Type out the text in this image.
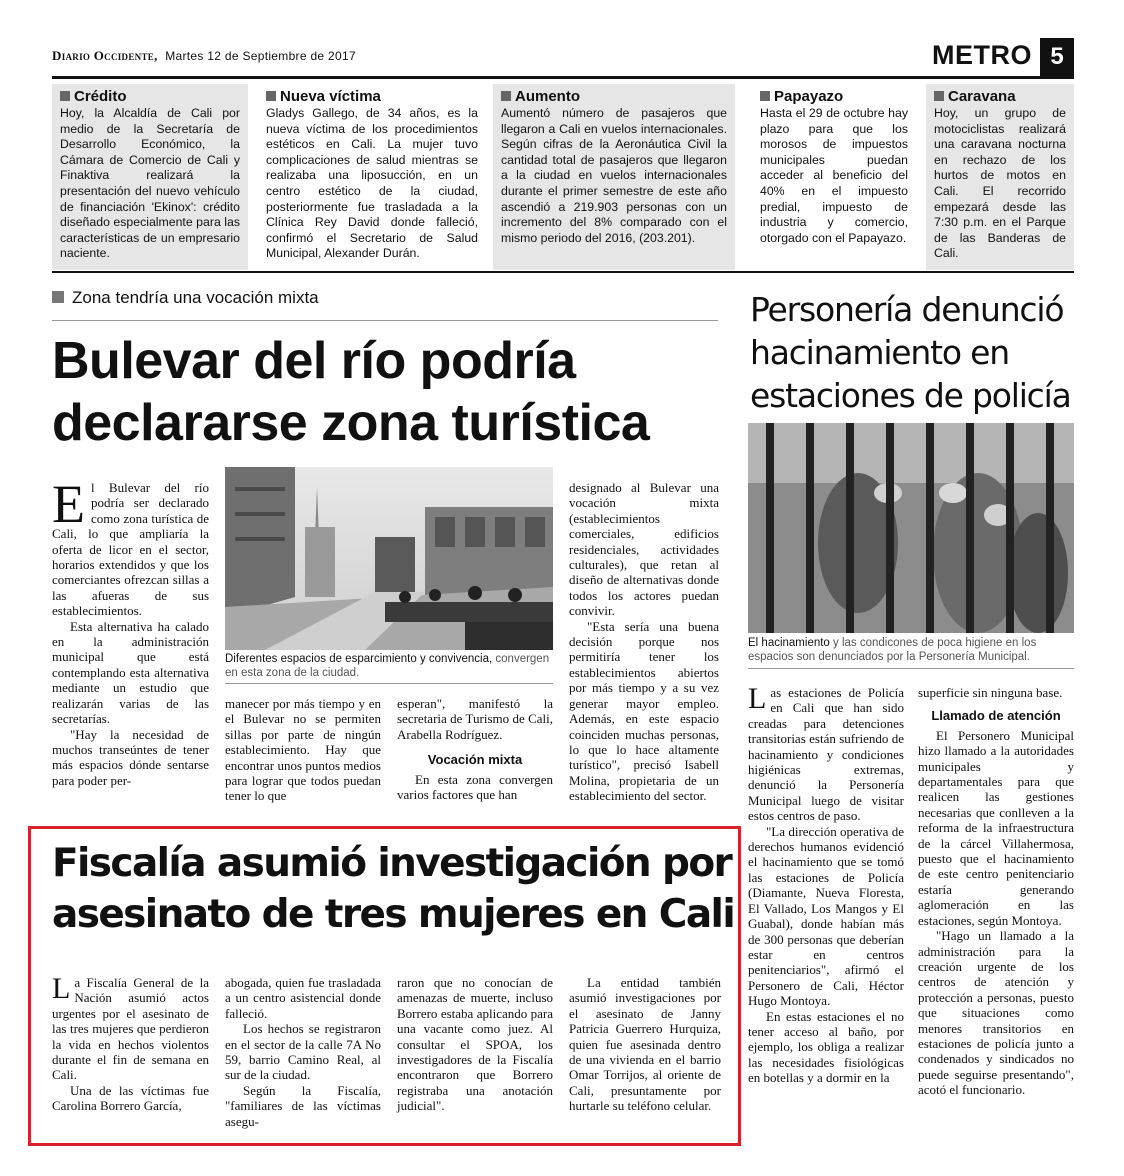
Diario Occidente, Martes 12 de Septiembre de 2017	METRO 5
Crédito

Hoy, la Alcaldía de Cali por medio de la Secretaría de Desarrollo Económico, la Cámara de Comercio de Cali y Finaktiva realizará la presentación del nuevo vehículo de financiación 'Ekinox': crédito diseñado especialmente para las características de un empresario naciente.

Nueva víctima

Gladys Gallego, de 34 años, es la nueva víctima de los procedimientos estéticos en Cali. La mujer tuvo complicaciones de salud mientras se realizaba una liposucción, en un centro estético de la ciudad, posteriormente fue trasladada a la Clínica Rey David donde falleció, confirmó el Secretario de Salud Municipal, Alexander Durán.

Aumento

Aumentó número de pasajeros que llegaron a Cali en vuelos internacionales. Según cifras de la Aeronáutica Civil la cantidad total de pasajeros que llegaron a la ciudad en vuelos internacionales durante el primer semestre de este año ascendió a 219.903 personas con un incremento del 8% comparado con el mismo periodo del 2016, (203.201).

Papayazo

Hasta el 29 de octubre hay plazo para que los morosos de impuestos municipales puedan acceder al beneficio del 40% en el impuesto predial, impuesto de industria y comercio, otorgado con el Papayazo.

Caravana

Hoy, un grupo de motociclistas realizará una caravana nocturna en rechazo de los hurtos de motos en Cali. El recorrido empezará desde las 7:30 p.m. en el Parque de las Banderas de Cali.

Zona tendría una vocación mixta
Bulevar del río podría declararse zona turística

El Bulevar del río podría ser declarado como zona turística de Cali, lo que ampliaría la oferta de licor en el sector, horarios extendidos y que los comerciantes ofrezcan sillas a las afueras de sus establecimientos.

Esta alternativa ha calado en la administración municipal que está contemplando esta alternativa mediante un estudio que realizarán varias de las secretarías.

"Hay la necesidad de muchos transeúntes de tener más espacios dónde sentarse para poder per-

Diferentes espacios de esparcimiento y convivencia, convergen en esta zona de la ciudad.

manecer por más tiempo y en el Bulevar no se permiten sillas por parte de ningún establecimiento. Hay que encontrar unos puntos medios para lograr que todos puedan tener lo que

esperan", manifestó la secretaria de Turismo de Cali, Arabella Rodríguez.

Vocación mixta

En esta zona convergen varios factores que han

designado al Bulevar una vocación mixta (establecimientos comerciales, edificios residenciales, actividades culturales), que retan al diseño de alternativas donde todos los actores puedan convivir.

"Esta sería una buena decisión porque nos permitiría tener los establecimientos abiertos por más tiempo y a su vez generar mayor empleo. Además, en este espacio coinciden muchas personas, lo que lo hace altamente turístico", precisó Isabell Molina, propietaria de un establecimiento del sector.

Personería denunció hacinamiento en estaciones de policía
El hacinamiento y las condicones de poca higiene en los espacios son denunciados por la Personería Municipal.

Las estaciones de Policía en Cali que han sido creadas para detenciones transitorias están sufriendo de hacinamiento y condiciones higiénicas extremas, denunció la Personería Municipal luego de visitar estos centros de paso.

"La dirección operativa de derechos humanos evidenció el hacinamiento que se tomó las estaciones de Policía (Diamante, Nueva Floresta, El Vallado, Los Mangos y El Guabal), donde habían más de 300 personas que deberían estar en centros penitenciarios", afirmó el Personero de Cali, Héctor Hugo Montoya.

En estas estaciones el no tener acceso al baño, por ejemplo, los obliga a realizar las necesidades fisiológicas en botellas y a dormir en la

superficie sin ninguna base.

Llamado de atención

El Personero Municipal hizo llamado a la autoridades municipales y departamentales para que realicen las gestiones necesarias que conlleven a la reforma de la infraestructura de la cárcel Villahermosa, puesto que el hacinamiento de este centro penitenciario estaría generando aglomeración en las estaciones, según Montoya.

"Hago un llamado a la administración para la creación urgente de los centros de atención y protección a personas, puesto que situaciones como menores transitorios en estaciones de policía junto a condenados y sindicados no puede seguirse presentando", acotó el funcionario.

Fiscalía asumió investigación por asesinato de tres mujeres en Cali

La Fiscalía General de la Nación asumió actos urgentes por el asesinato de las tres mujeres que perdieron la vida en hechos violentos durante el fin de semana en Cali.

Una de las víctimas fue Carolina Borrero García,

abogada, quien fue trasladada a un centro asistencial donde falleció.

Los hechos se registraron en el sector de la calle 7A No 59, barrio Camino Real, al sur de la ciudad.

Según la Fiscalía, "familiares de las víctimas asegu-

raron que no conocían de amenazas de muerte, incluso Borrero estaba aplicando para una vacante como juez. Al consultar el SPOA, los investigadores de la Fiscalía encontraron que Borrero registraba una anotación judicial".

La entidad también asumió investigaciones por el asesinato de Janny Patricia Guerrero Hurquiza, quien fue asesinada dentro de una vivienda en el barrio Omar Torrijos, al oriente de Cali, presuntamente por hurtarle su teléfono celular.
